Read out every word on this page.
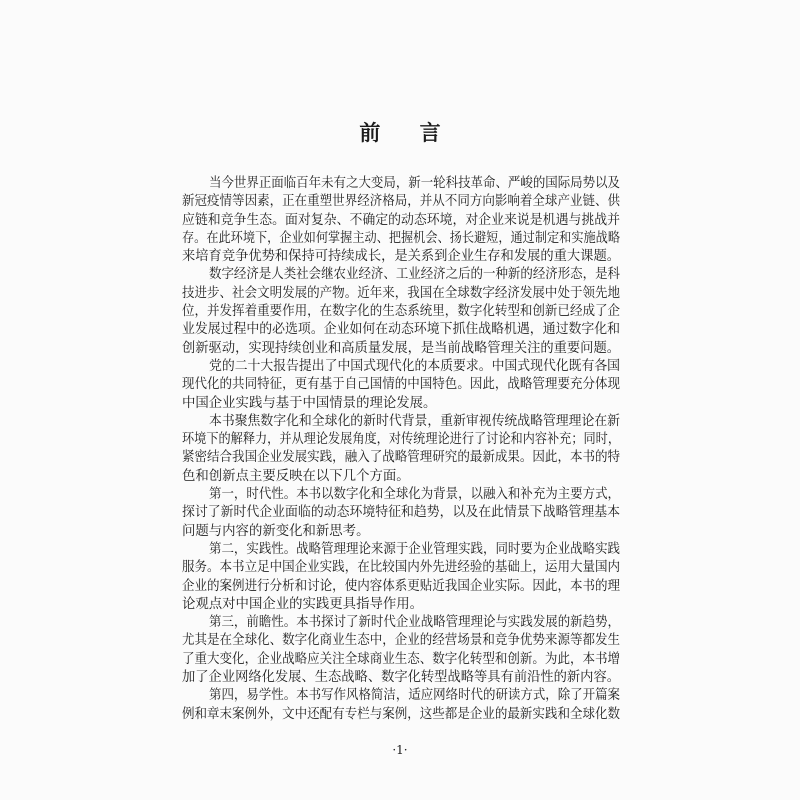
前 言
当今世界正面临百年未有之大变局，新一轮科技革命、严峻的国际局势以及
新冠疫情等因素，正在重塑世界经济格局，并从不同方向影响着全球产业链、供
应链和竞争生态。面对复杂、不确定的动态环境，对企业来说是机遇与挑战并
存。在此环境下，企业如何掌握主动、把握机会、扬长避短，通过制定和实施战略
来培育竞争优势和保持可持续成长，是关系到企业生存和发展的重大课题。
数字经济是人类社会继农业经济、工业经济之后的一种新的经济形态，是科
技进步、社会文明发展的产物。近年来，我国在全球数字经济发展中处于领先地
位，并发挥着重要作用，在数字化的生态系统里，数字化转型和创新已经成了企
业发展过程中的必选项。企业如何在动态环境下抓住战略机遇，通过数字化和
创新驱动，实现持续创业和高质量发展，是当前战略管理关注的重要问题。
党的二十大报告提出了中国式现代化的本质要求。中国式现代化既有各国
现代化的共同特征，更有基于自己国情的中国特色。因此，战略管理要充分体现
中国企业实践与基于中国情景的理论发展。
本书聚焦数字化和全球化的新时代背景，重新审视传统战略管理理论在新
环境下的解释力，并从理论发展角度，对传统理论进行了讨论和内容补充；同时，
紧密结合我国企业发展实践，融入了战略管理研究的最新成果。因此，本书的特
色和创新点主要反映在以下几个方面。
第一，时代性。本书以数字化和全球化为背景，以融入和补充为主要方式，
探讨了新时代企业面临的动态环境特征和趋势，以及在此情景下战略管理基本
问题与内容的新变化和新思考。
第二，实践性。战略管理理论来源于企业管理实践，同时要为企业战略实践
服务。本书立足中国企业实践，在比较国内外先进经验的基础上，运用大量国内
企业的案例进行分析和讨论，使内容体系更贴近我国企业实际。因此，本书的理
论观点对中国企业的实践更具指导作用。
第三，前瞻性。本书探讨了新时代企业战略管理理论与实践发展的新趋势，
尤其是在全球化、数字化商业生态中，企业的经营场景和竞争优势来源等都发生
了重大变化，企业战略应关注全球商业生态、数字化转型和创新。为此，本书增
加了企业网络化发展、生态战略、数字化转型战略等具有前沿性的新内容。
第四，易学性。本书写作风格简洁，适应网络时代的研读方式，除了开篇案
例和章末案例外，文中还配有专栏与案例，这些都是企业的最新实践和全球化数
·1·
